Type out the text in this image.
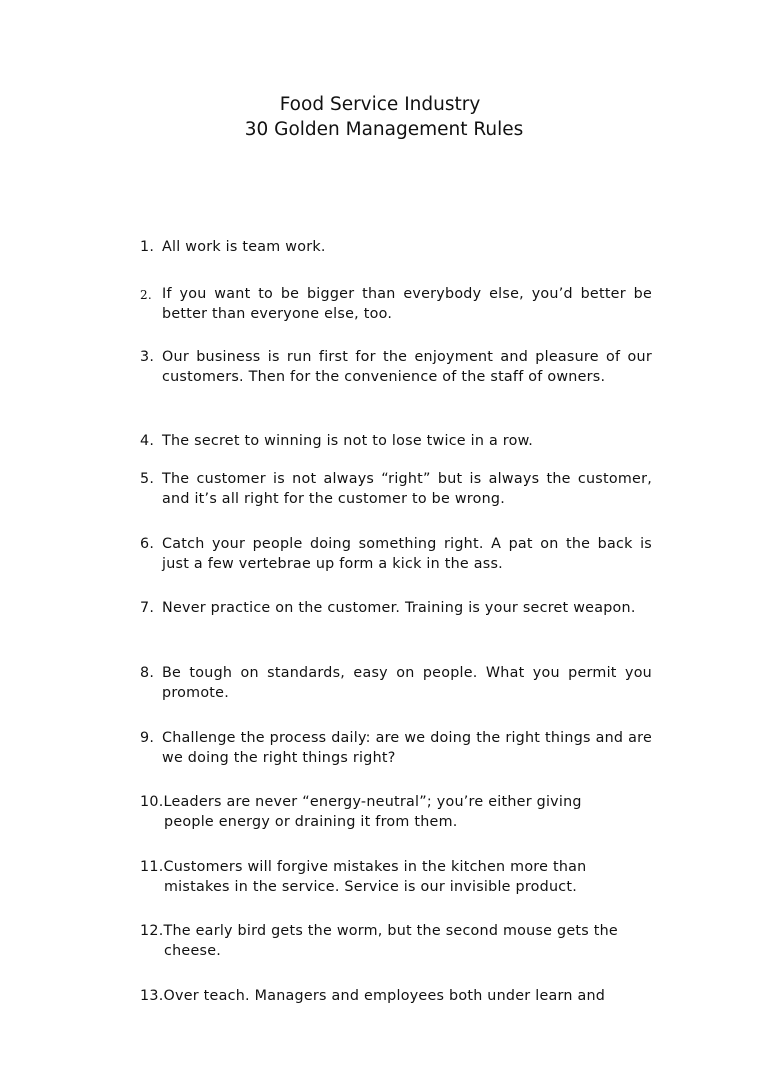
Food Service Industry
30 Golden Management Rules
1. All work is team work.
2. If you want to be bigger than everybody else, you’d better be better than everyone else, too.
3. Our business is run first for the enjoyment and pleasure of our customers. Then for the convenience of the staff of owners.
4. The secret to winning is not to lose twice in a row.
5. The customer is not always “right” but is always the customer, and it’s all right for the customer to be wrong.
6. Catch your people doing something right. A pat on the back is just a few vertebrae up form a kick in the ass.
7. Never practice on the customer. Training is your secret weapon.
8. Be tough on standards, easy on people. What you permit you promote.
9. Challenge the process daily: are we doing the right things and are we doing the right things right?
10.Leaders are never “energy-neutral”; you’re either giving
people energy or draining it from them.
11.Customers will forgive mistakes in the kitchen more than
mistakes in the service. Service is our invisible product.
12.The early bird gets the worm, but the second mouse gets the
cheese.
13.Over teach. Managers and employees both under learn and
